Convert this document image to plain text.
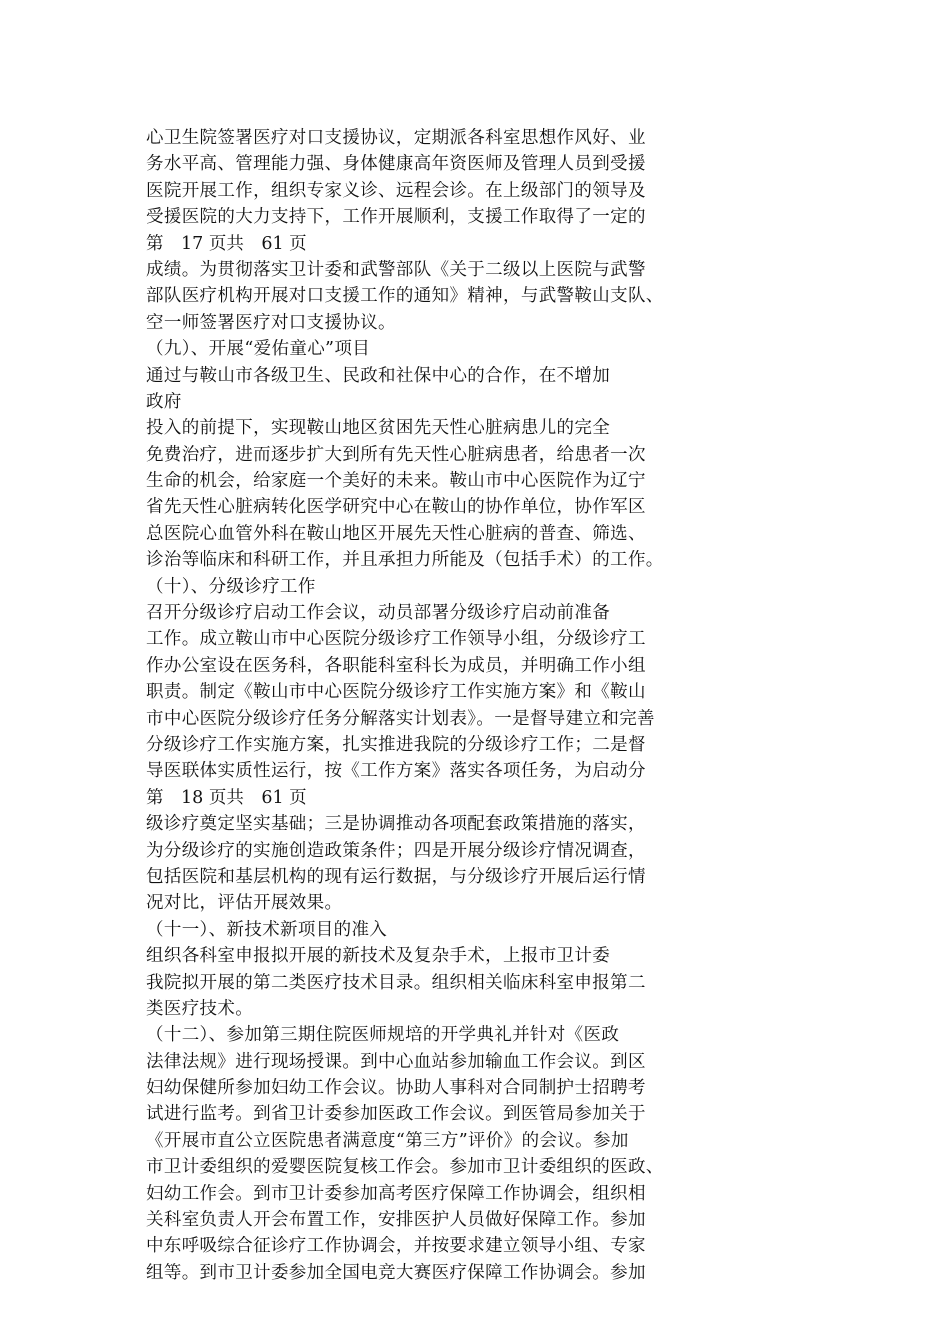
心卫生院签署医疗对口支援协议，定期派各科室思想作风好、业
务水平高、管理能力强、身体健康高年资医师及管理人员到受援
医院开展工作，组织专家义诊、远程会诊。在上级部门的领导及
受援医院的大力支持下，工作开展顺利，支援工作取得了一定的
第　17 页共　61 页
成绩。为贯彻落实卫计委和武警部队《关于二级以上医院与武警
部队医疗机构开展对口支援工作的通知》精神，与武警鞍山支队、
空一师签署医疗对口支援协议。
（九）、开展“爱佑童心”项目
通过与鞍山市各级卫生、民政和社保中心的合作，在不增加
政府
投入的前提下，实现鞍山地区贫困先天性心脏病患儿的完全
免费治疗，进而逐步扩大到所有先天性心脏病患者，给患者一次
生命的机会，给家庭一个美好的未来。鞍山市中心医院作为辽宁
省先天性心脏病转化医学研究中心在鞍山的协作单位，协作军区
总医院心血管外科在鞍山地区开展先天性心脏病的普查、筛选、
诊治等临床和科研工作，并且承担力所能及（包括手术）的工作。
（十）、分级诊疗工作
召开分级诊疗启动工作会议，动员部署分级诊疗启动前准备
工作。成立鞍山市中心医院分级诊疗工作领导小组，分级诊疗工
作办公室设在医务科，各职能科室科长为成员，并明确工作小组
职责。制定《鞍山市中心医院分级诊疗工作实施方案》和《鞍山
市中心医院分级诊疗任务分解落实计划表》。一是督导建立和完善
分级诊疗工作实施方案，扎实推进我院的分级诊疗工作；二是督
导医联体实质性运行，按《工作方案》落实各项任务，为启动分
第　18 页共　61 页
级诊疗奠定坚实基础；三是协调推动各项配套政策措施的落实，
为分级诊疗的实施创造政策条件；四是开展分级诊疗情况调查，
包括医院和基层机构的现有运行数据，与分级诊疗开展后运行情
况对比，评估开展效果。
（十一）、新技术新项目的准入
组织各科室申报拟开展的新技术及复杂手术，上报市卫计委
我院拟开展的第二类医疗技术目录。组织相关临床科室申报第二
类医疗技术。
（十二）、参加第三期住院医师规培的开学典礼并针对《医政
法律法规》进行现场授课。到中心血站参加输血工作会议。到区
妇幼保健所参加妇幼工作会议。协助人事科对合同制护士招聘考
试进行监考。到省卫计委参加医政工作会议。到医管局参加关于
《开展市直公立医院患者满意度“第三方”评价》的会议。参加
市卫计委组织的爱婴医院复核工作会。参加市卫计委组织的医政、
妇幼工作会。到市卫计委参加高考医疗保障工作协调会，组织相
关科室负责人开会布置工作，安排医护人员做好保障工作。参加
中东呼吸综合征诊疗工作协调会，并按要求建立领导小组、专家
组等。到市卫计委参加全国电竞大赛医疗保障工作协调会。参加
